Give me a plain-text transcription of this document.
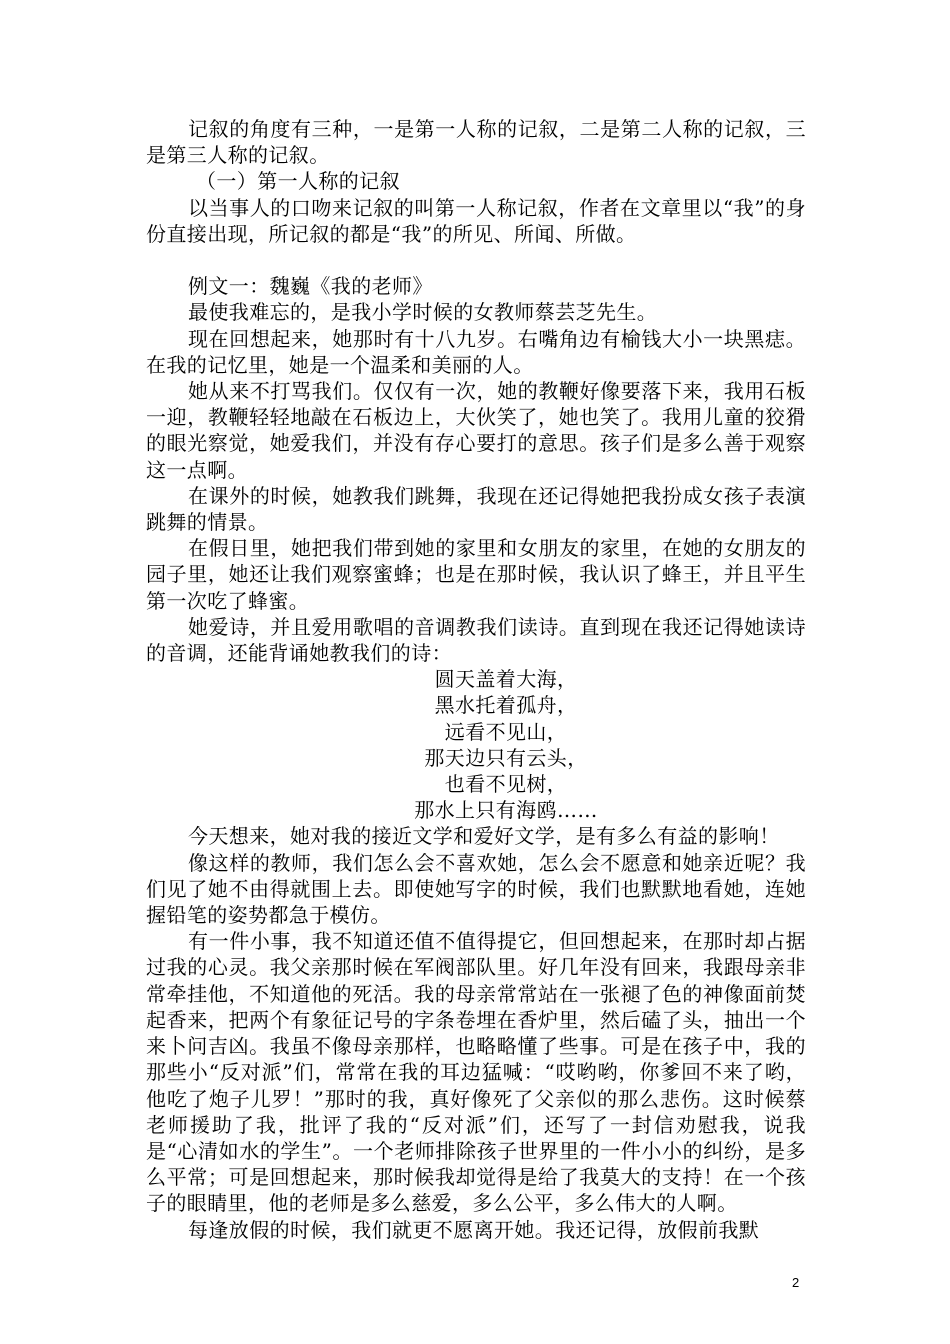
记叙的角度有三种，一是第一人称的记叙，二是第二人称的记叙，三是第三人称的记叙。

（一）第一人称的记叙

以当事人的口吻来记叙的叫第一人称记叙，作者在文章里以“我”的身份直接出现，所记叙的都是“我”的所见、所闻、所做。

例文一：魏巍《我的老师》

最使我难忘的，是我小学时候的女教师蔡芸芝先生。

现在回想起来，她那时有十八九岁。右嘴角边有榆钱大小一块黑痣。在我的记忆里，她是一个温柔和美丽的人。

她从来不打骂我们。仅仅有一次，她的教鞭好像要落下来，我用石板一迎，教鞭轻轻地敲在石板边上，大伙笑了，她也笑了。我用儿童的狡猾的眼光察觉，她爱我们，并没有存心要打的意思。孩子们是多么善于观察这一点啊。

在课外的时候，她教我们跳舞，我现在还记得她把我扮成女孩子表演跳舞的情景。

在假日里，她把我们带到她的家里和女朋友的家里，在她的女朋友的园子里，她还让我们观察蜜蜂；也是在那时候，我认识了蜂王，并且平生第一次吃了蜂蜜。

她爱诗，并且爱用歌唱的音调教我们读诗。直到现在我还记得她读诗的音调，还能背诵她教我们的诗：

圆天盖着大海，

黑水托着孤舟，

远看不见山，

那天边只有云头，

也看不见树，

那水上只有海鸥……

今天想来，她对我的接近文学和爱好文学，是有多么有益的影响！

像这样的教师，我们怎么会不喜欢她，怎么会不愿意和她亲近呢？我们见了她不由得就围上去。即使她写字的时候，我们也默默地看她，连她握铅笔的姿势都急于模仿。

有一件小事，我不知道还值不值得提它，但回想起来，在那时却占据过我的心灵。我父亲那时候在军阀部队里。好几年没有回来，我跟母亲非常牵挂他，不知道他的死活。我的母亲常常站在一张褪了色的神像面前焚起香来，把两个有象征记号的字条卷埋在香炉里，然后磕了头，抽出一个来卜问吉凶。我虽不像母亲那样，也略略懂了些事。可是在孩子中，我的那些小“反对派”们，常常在我的耳边猛喊：“哎哟哟，你爹回不来了哟，他吃了炮子儿罗！”那时的我，真好像死了父亲似的那么悲伤。这时候蔡老师援助了我，批评了我的“反对派”们，还写了一封信劝慰我，说我是“心清如水的学生”。一个老师排除孩子世界里的一件小小的纠纷，是多么平常；可是回想起来，那时候我却觉得是给了我莫大的支持！在一个孩子的眼睛里，他的老师是多么慈爱，多么公平，多么伟大的人啊。

每逢放假的时候，我们就更不愿离开她。我还记得，放假前我默

2
